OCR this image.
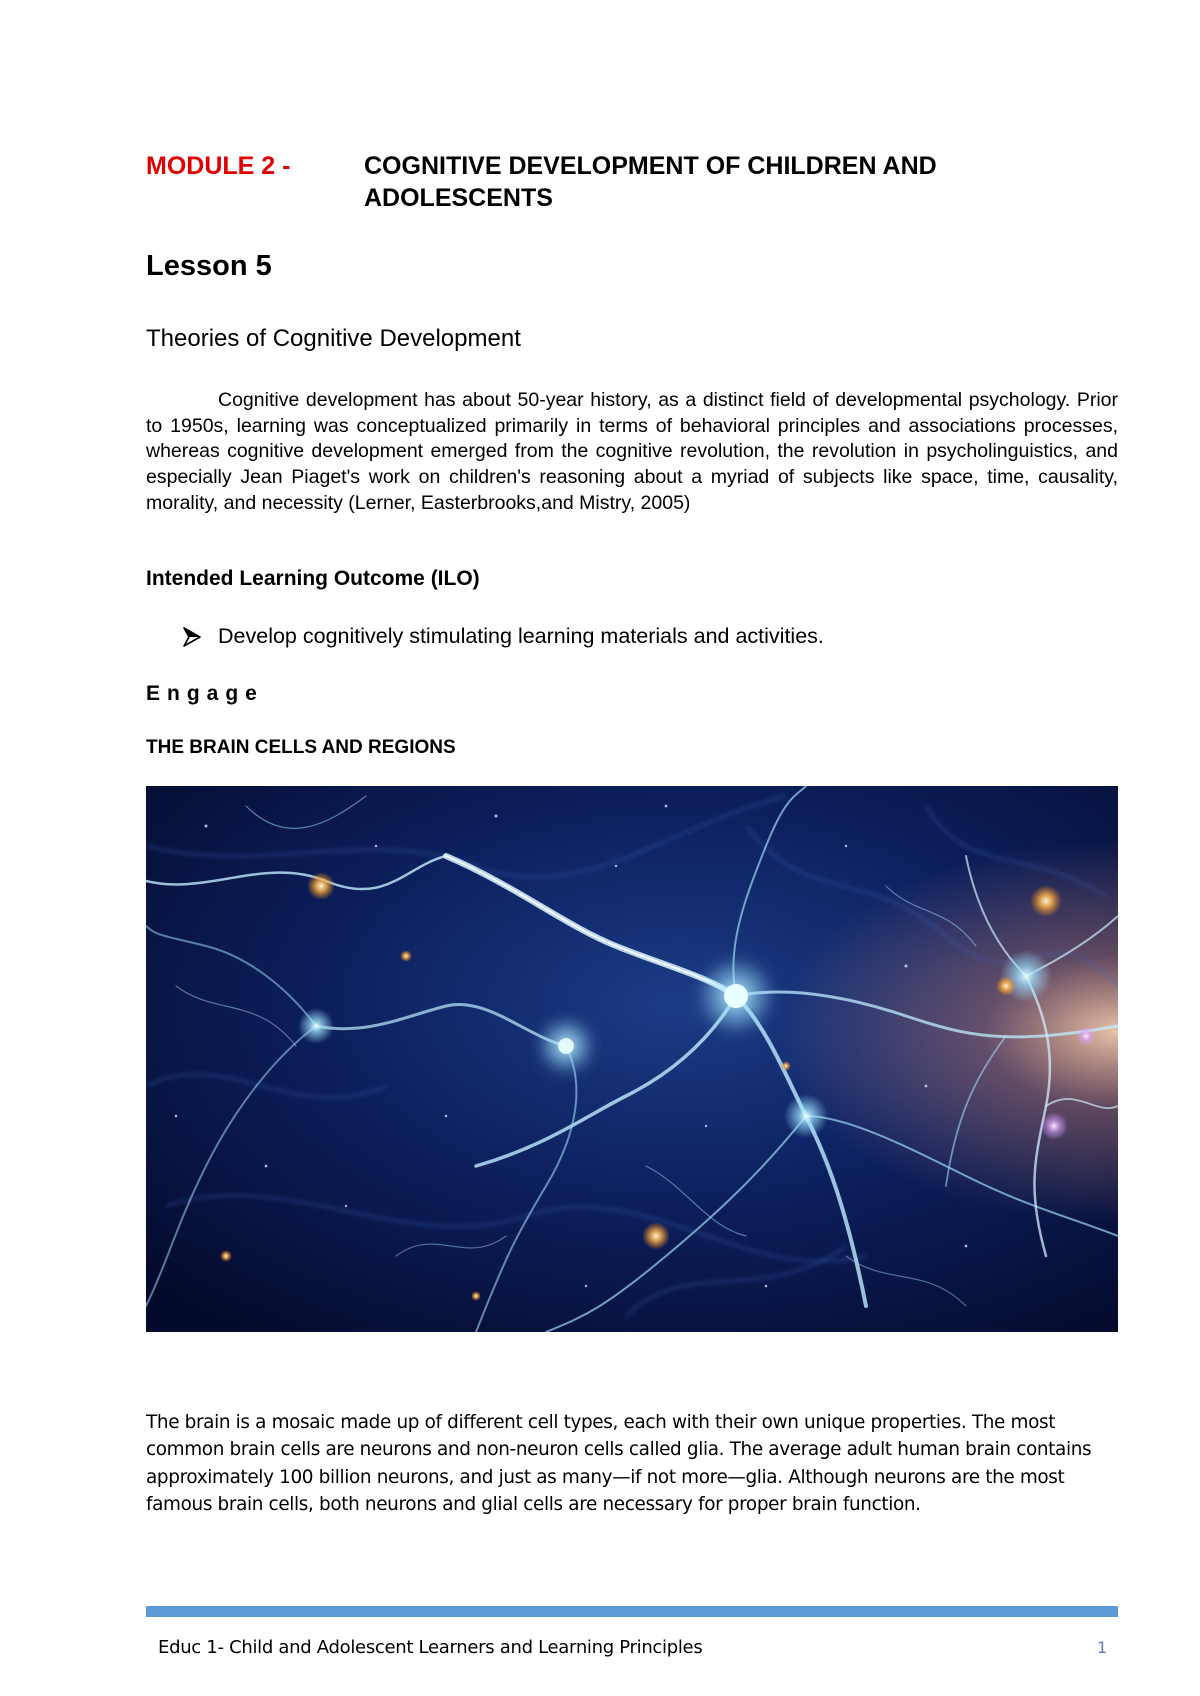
MODULE 2 -	COGNITIVE DEVELOPMENT OF CHILDREN AND ADOLESCENTS
Lesson 5
Theories of Cognitive Development

Cognitive development has about 50-year history, as a distinct field of developmental psychology. Prior to 1950s, learning was conceptualized primarily in terms of behavioral principles and associations processes, whereas cognitive development emerged from the cognitive revolution, the revolution in psycholinguistics, and especially Jean Piaget's work on children's reasoning about a myriad of subjects like space, time, causality, morality, and necessity (Lerner, Easterbrooks,and Mistry, 2005)

Intended Learning Outcome (ILO)
Develop cognitively stimulating learning materials and activities.
Engage
THE BRAIN CELLS AND REGIONS

The brain is a mosaic made up of different cell types, each with their own unique properties. The most common brain cells are neurons and non-neuron cells called glia. The average adult human brain contains approximately 100 billion neurons, and just as many—if not more—glia. Although neurons are the most famous brain cells, both neurons and glial cells are necessary for proper brain function.

Educ 1- Child and Adolescent Learners and Learning Principles	1
